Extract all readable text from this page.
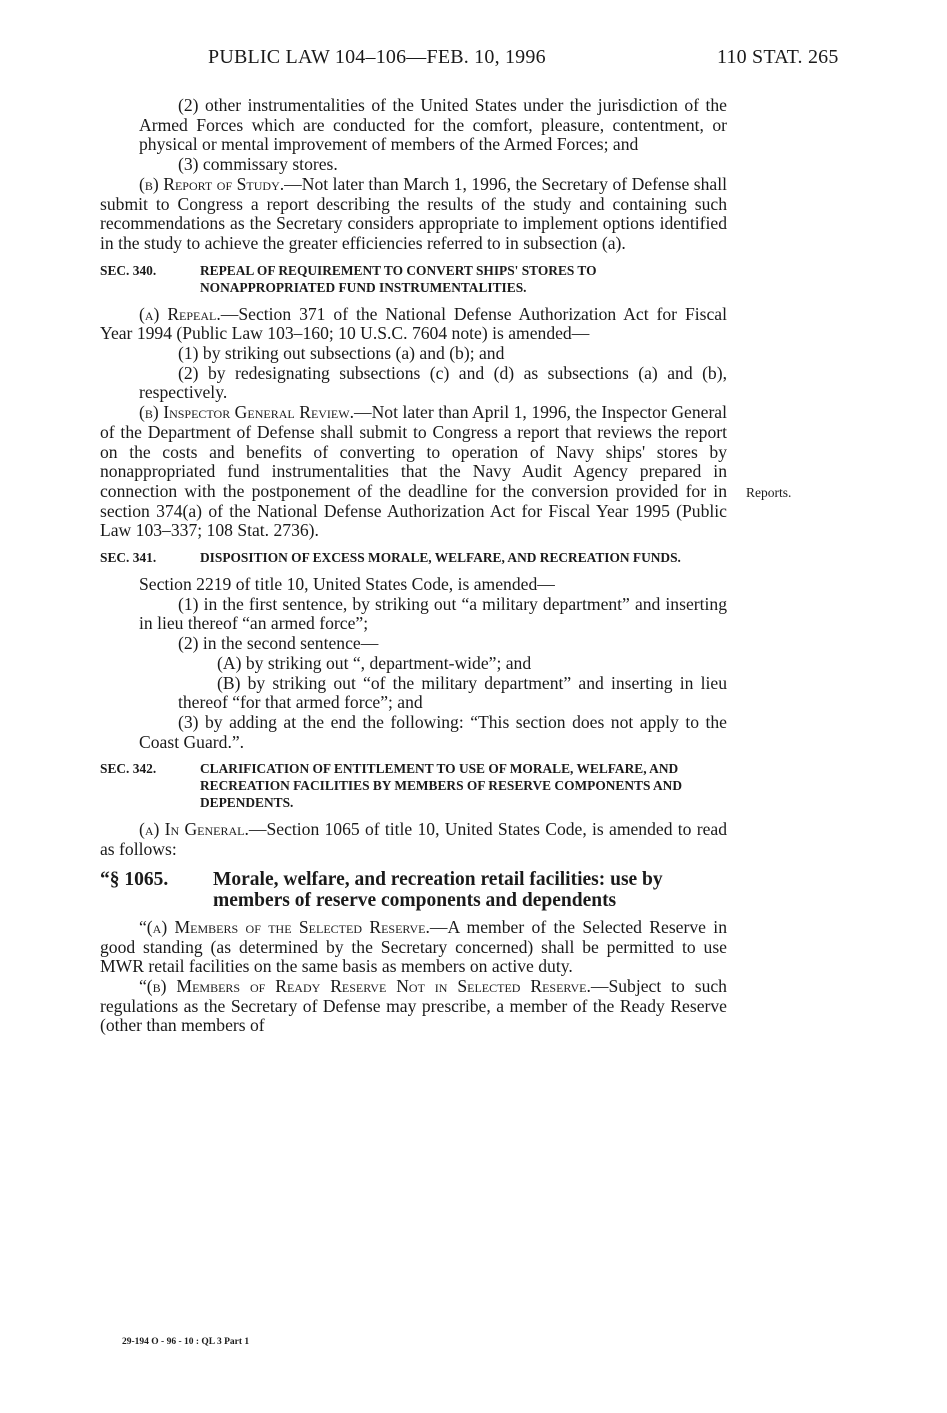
PUBLIC LAW 104–106—FEB. 10, 1996	110 STAT. 265

(2) other instrumentalities of the United States under the jurisdiction of the Armed Forces which are conducted for the comfort, pleasure, contentment, or physical or mental improvement of members of the Armed Forces; and

(3) commissary stores.

(b) Report of Study.—Not later than March 1, 1996, the Secretary of Defense shall submit to Congress a report describing the results of the study and containing such recommendations as the Secretary considers appropriate to implement options identified in the study to achieve the greater efficiencies referred to in subsection (a).

SEC. 340.	REPEAL OF REQUIREMENT TO CONVERT SHIPS' STORES TO NONAPPROPRIATED FUND INSTRUMENTALITIES.

(a) Repeal.—Section 371 of the National Defense Authorization Act for Fiscal Year 1994 (Public Law 103–160; 10 U.S.C. 7604 note) is amended—

(1) by striking out subsections (a) and (b); and

(2) by redesignating subsections (c) and (d) as subsections (a) and (b), respectively.

(b) Inspector General Review.—Not later than April 1, 1996, the Inspector General of the Department of Defense shall submit to Congress a report that reviews the report on the costs and benefits of converting to operation of Navy ships' stores by nonappropriated fund instrumentalities that the Navy Audit Agency prepared in connection with the postponement of the deadline for the conversion provided for in section 374(a) of the National Defense Authorization Act for Fiscal Year 1995 (Public Law 103–337; 108 Stat. 2736).

SEC. 341.	DISPOSITION OF EXCESS MORALE, WELFARE, AND RECREATION FUNDS.

Section 2219 of title 10, United States Code, is amended—

(1) in the first sentence, by striking out “a military department” and inserting in lieu thereof “an armed force”;

(2) in the second sentence—

(A) by striking out “, department-wide”; and

(B) by striking out “of the military department” and inserting in lieu thereof “for that armed force”; and

(3) by adding at the end the following: “This section does not apply to the Coast Guard.”.

SEC. 342.	CLARIFICATION OF ENTITLEMENT TO USE OF MORALE, WELFARE, AND RECREATION FACILITIES BY MEMBERS OF RESERVE COMPONENTS AND DEPENDENTS.

(a) In General.—Section 1065 of title 10, United States Code, is amended to read as follows:

“§ 1065. Morale, welfare, and recreation retail facilities: use by members of reserve components and dependents

“(a) Members of the Selected Reserve.—A member of the Selected Reserve in good standing (as determined by the Secretary concerned) shall be permitted to use MWR retail facilities on the same basis as members on active duty.

“(b) Members of Ready Reserve Not in Selected Reserve.—Subject to such regulations as the Secretary of Defense may prescribe, a member of the Ready Reserve (other than members of

Reports.
29-194 O - 96 - 10 : QL 3 Part 1
